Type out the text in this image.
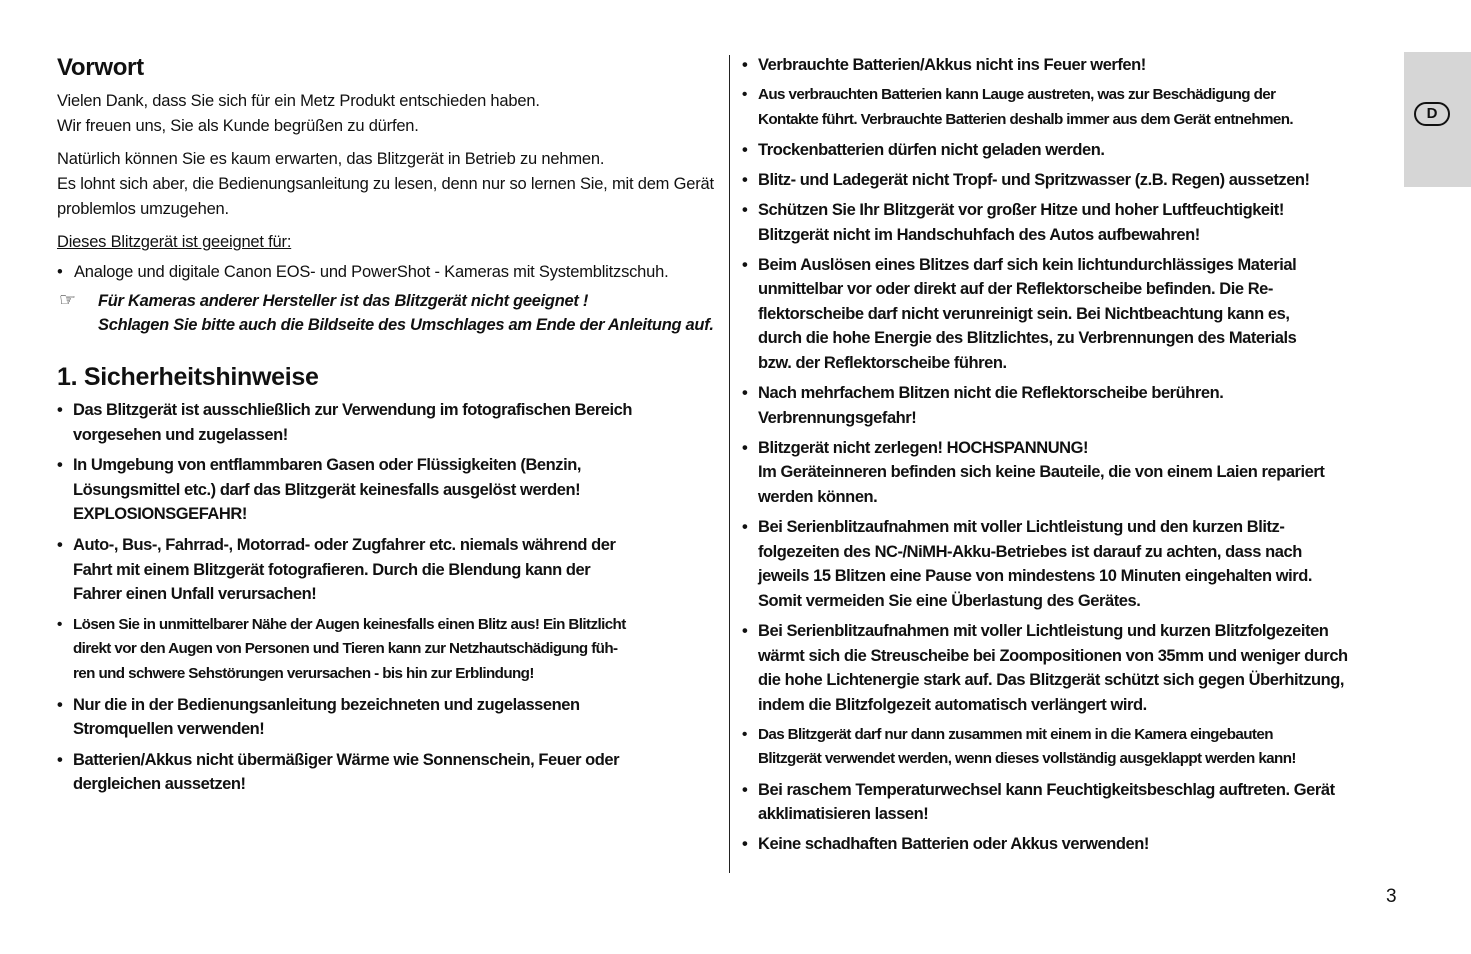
Vorwort

Vielen Dank, dass Sie sich für ein Metz Produkt entschieden haben.
Wir freuen uns, Sie als Kunde begrüßen zu dürfen.

Natürlich können Sie es kaum erwarten, das Blitzgerät in Betrieb zu nehmen.
Es lohnt sich aber, die Bedienungsanleitung zu lesen, denn nur so lernen Sie, mit dem Gerät problemlos umzugehen.

Dieses Blitzgerät ist geeignet für:

• Analoge und digitale Canon EOS- und PowerShot - Kameras mit Systemblitzschuh.
☞ Für Kameras anderer Hersteller ist das Blitzgerät nicht geeignet !
Schlagen Sie bitte auch die Bildseite des Umschlages am Ende der Anleitung auf.
1. Sicherheitshinweise
• Das Blitzgerät ist ausschließlich zur Verwendung im fotografischen Bereich
vorgesehen und zugelassen!
• In Umgebung von entflammbaren Gasen oder Flüssigkeiten (Benzin,
Lösungsmittel etc.) darf das Blitzgerät keinesfalls ausgelöst werden!
EXPLOSIONSGEFAHR!
• Auto-, Bus-, Fahrrad-, Motorrad- oder Zugfahrer etc. niemals während der
Fahrt mit einem Blitzgerät fotografieren. Durch die Blendung kann der
Fahrer einen Unfall verursachen!
• Lösen Sie in unmittelbarer Nähe der Augen keinesfalls einen Blitz aus! Ein Blitzlicht
direkt vor den Augen von Personen und Tieren kann zur Netzhautschädigung füh-
ren und schwere Sehstörungen verursachen - bis hin zur Erblindung!
• Nur die in der Bedienungsanleitung bezeichneten und zugelassenen
Stromquellen verwenden!
• Batterien/Akkus nicht übermäßiger Wärme wie Sonnenschein, Feuer oder
dergleichen aussetzen!
• Verbrauchte Batterien/Akkus nicht ins Feuer werfen!
• Aus verbrauchten Batterien kann Lauge austreten, was zur Beschädigung der
Kontakte führt. Verbrauchte Batterien deshalb immer aus dem Gerät entnehmen.
• Trockenbatterien dürfen nicht geladen werden.
• Blitz- und Ladegerät nicht Tropf- und Spritzwasser (z.B. Regen) aussetzen!
• Schützen Sie Ihr Blitzgerät vor großer Hitze und hoher Luftfeuchtigkeit!
Blitzgerät nicht im Handschuhfach des Autos aufbewahren!
• Beim Auslösen eines Blitzes darf sich kein lichtundurchlässiges Material
unmittelbar vor oder direkt auf der Reflektorscheibe befinden. Die Re-
flektorscheibe darf nicht verunreinigt sein. Bei Nichtbeachtung kann es,
durch die hohe Energie des Blitzlichtes, zu Verbrennungen des Materials
bzw. der Reflektorscheibe führen.
• Nach mehrfachem Blitzen nicht die Reflektorscheibe berühren.
Verbrennungsgefahr!
• Blitzgerät nicht zerlegen! HOCHSPANNUNG!
Im Geräteinneren befinden sich keine Bauteile, die von einem Laien repariert
werden können.
• Bei Serienblitzaufnahmen mit voller Lichtleistung und den kurzen Blitz-
folgezeiten des NC-/NiMH-Akku-Betriebes ist darauf zu achten, dass nach
jeweils 15 Blitzen eine Pause von mindestens 10 Minuten eingehalten wird.
Somit vermeiden Sie eine Überlastung des Gerätes.
• Bei Serienblitzaufnahmen mit voller Lichtleistung und kurzen Blitzfolgezeiten
wärmt sich die Streuscheibe bei Zoompositionen von 35mm und weniger durch
die hohe Lichtenergie stark auf. Das Blitzgerät schützt sich gegen Überhitzung,
indem die Blitzfolgezeit automatisch verlängert wird.
• Das Blitzgerät darf nur dann zusammen mit einem in die Kamera eingebauten
Blitzgerät verwendet werden, wenn dieses vollständig ausgeklappt werden kann!
• Bei raschem Temperaturwechsel kann Feuchtigkeitsbeschlag auftreten. Gerät
akklimatisieren lassen!
• Keine schadhaften Batterien oder Akkus verwenden!
D
3
